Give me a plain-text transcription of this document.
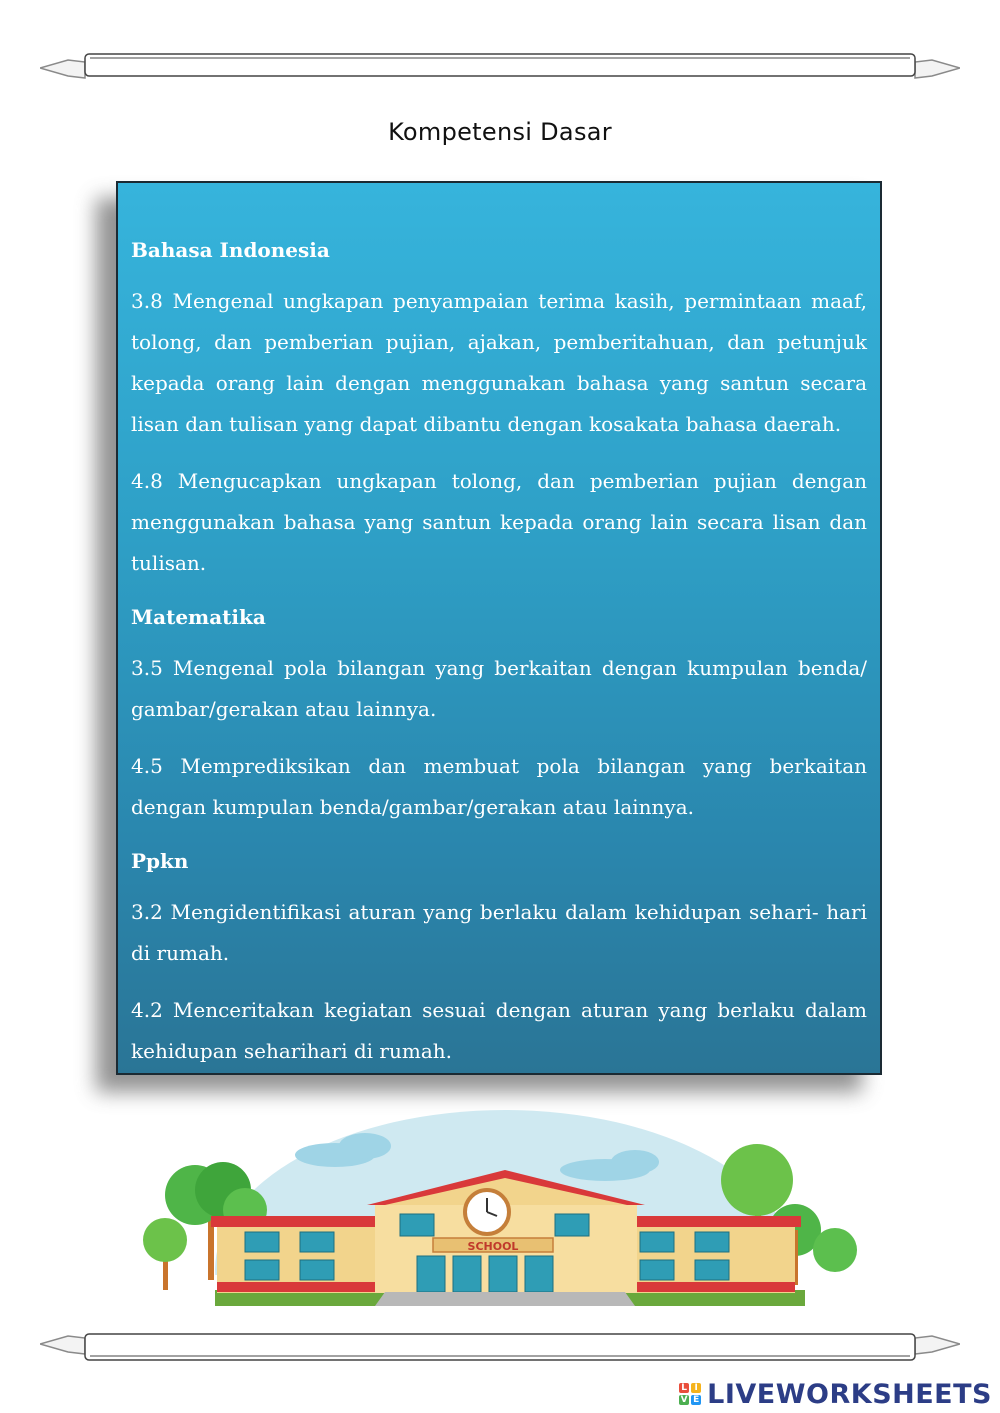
Kompetensi Dasar
Bahasa Indonesia

3.8 Mengenal ungkapan penyampaian terima kasih, permintaan maaf, tolong, dan pemberian pujian, ajakan, pemberitahuan, dan petunjuk kepada orang lain dengan menggunakan bahasa yang santun secara lisan dan tulisan yang dapat dibantu dengan kosakata bahasa daerah.

4.8 Mengucapkan ungkapan tolong, dan pemberian pujian dengan menggunakan bahasa yang santun kepada orang lain secara lisan dan tulisan.

Matematika

3.5 Mengenal pola bilangan yang berkaitan dengan kumpulan benda/ gambar/gerakan atau lainnya.

4.5 Memprediksikan dan membuat pola bilangan yang berkaitan dengan kumpulan benda/gambar/gerakan atau lainnya.

Ppkn

3.2 Mengidentifikasi aturan yang berlaku dalam kehidupan sehari- hari di rumah.

4.2 Menceritakan kegiatan sesuai dengan aturan yang berlaku dalam kehidupan seharihari di rumah.

SCHOOL
L I
V E LIVEWORKSHEETS
